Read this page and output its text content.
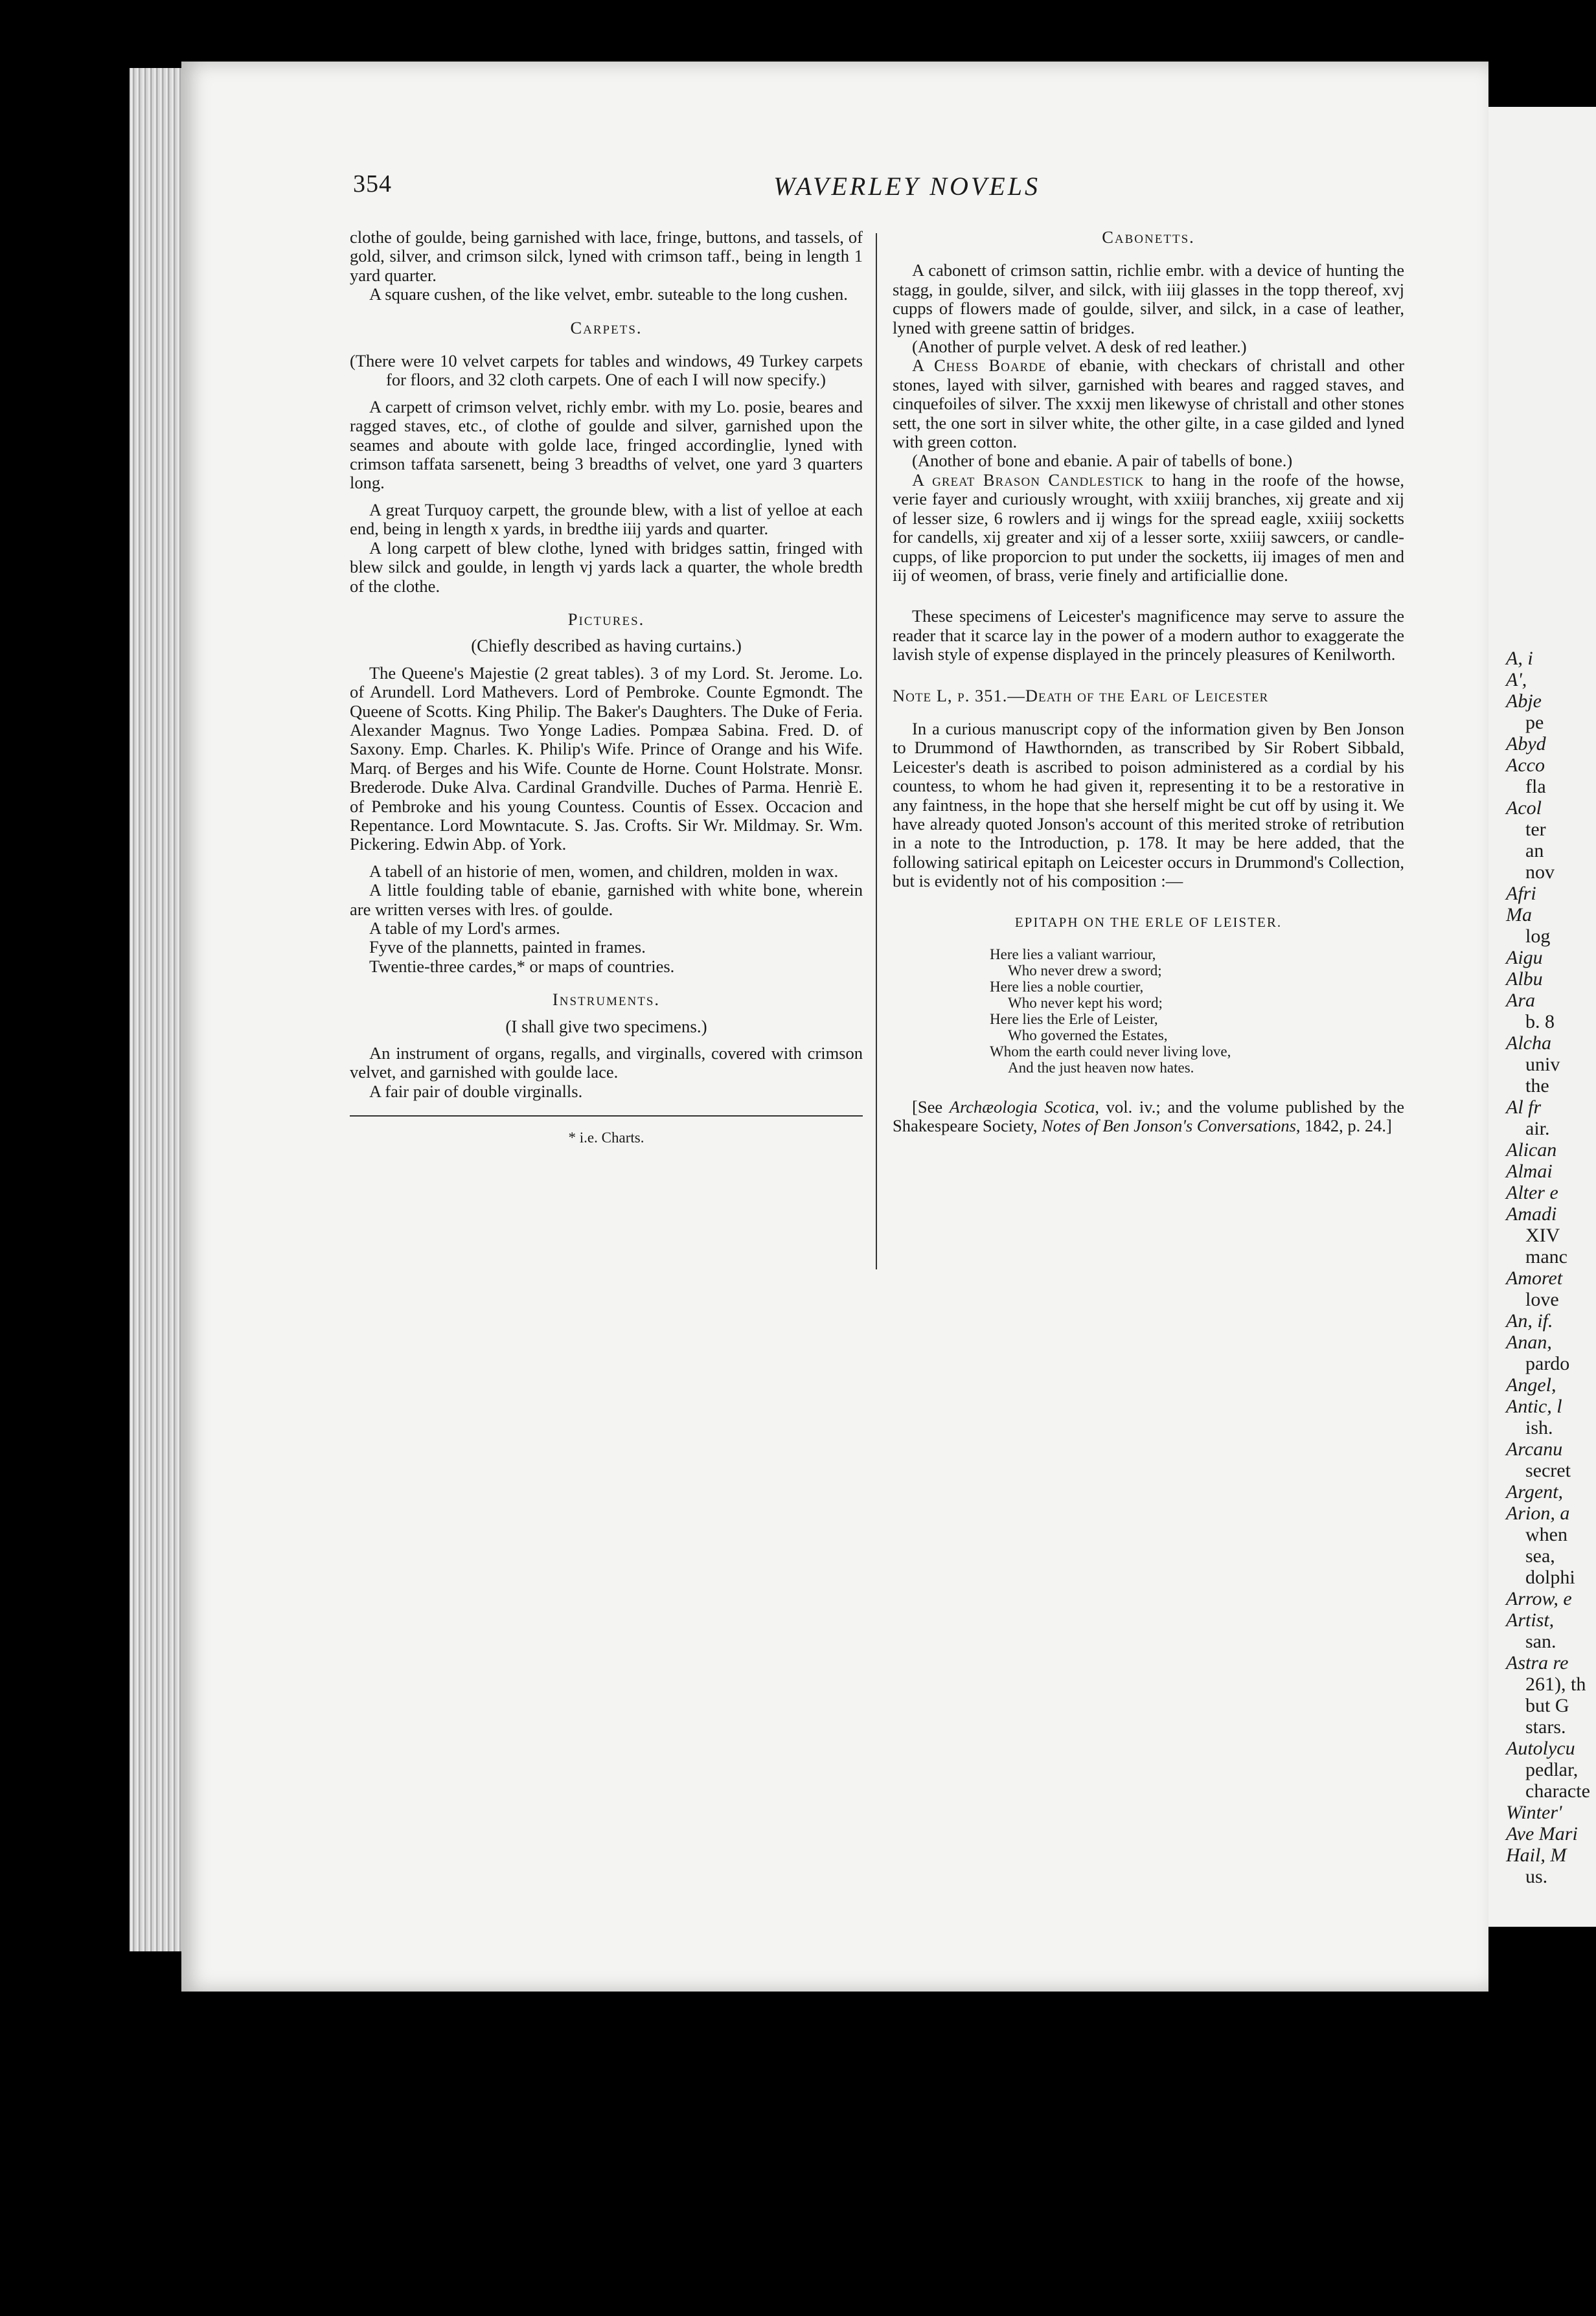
354	WAVERLEY NOVELS

clothe of goulde, being garnished with lace, fringe, buttons, and tassels, of gold, silver, and crimson silck, lyned with crimson taff., being in length 1 yard quarter.

A square cushen, of the like velvet, embr. suteable to the long cushen.

Carpets.

(There were 10 velvet carpets for tables and windows, 49 Turkey carpets for floors, and 32 cloth carpets. One of each I will now specify.)

A carpett of crimson velvet, richly embr. with my Lo. posie, beares and ragged staves, etc., of clothe of goulde and silver, garnished upon the seames and aboute with golde lace, fringed accordinglie, lyned with crimson taffata sarsenett, being 3 breadths of velvet, one yard 3 quarters long.

A great Turquoy carpett, the grounde blew, with a list of yelloe at each end, being in length x yards, in bredthe iiij yards and quarter.

A long carpett of blew clothe, lyned with bridges sattin, fringed with blew silck and goulde, in length vj yards lack a quarter, the whole bredth of the clothe.

Pictures.

(Chiefly described as having curtains.)

The Queene's Majestie (2 great tables). 3 of my Lord. St. Jerome. Lo. of Arundell. Lord Mathevers. Lord of Pembroke. Counte Egmondt. The Queene of Scotts. King Philip. The Baker's Daughters. The Duke of Feria. Alexander Magnus. Two Yonge Ladies. Pompæa Sabina. Fred. D. of Saxony. Emp. Charles. K. Philip's Wife. Prince of Orange and his Wife. Marq. of Berges and his Wife. Counte de Horne. Count Holstrate. Monsr. Brederode. Duke Alva. Cardinal Grandville. Duches of Parma. Henriè E. of Pembroke and his young Countess. Countis of Essex. Occacion and Repentance. Lord Mowntacute. S. Jas. Crofts. Sir Wr. Mildmay. Sr. Wm. Pickering. Edwin Abp. of York.

A tabell of an historie of men, women, and children, molden in wax.

A little foulding table of ebanie, garnished with white bone, wherein are written verses with lres. of goulde.

A table of my Lord's armes.

Fyve of the plannetts, painted in frames.

Twentie-three cardes,* or maps of countries.

Instruments.

(I shall give two specimens.)

An instrument of organs, regalls, and virginalls, covered with crimson velvet, and garnished with goulde lace.

A fair pair of double virginalls.

* i.e. Charts.

Cabonetts.

A cabonett of crimson sattin, richlie embr. with a device of hunting the stagg, in goulde, silver, and silck, with iiij glasses in the topp thereof, xvj cupps of flowers made of goulde, silver, and silck, in a case of leather, lyned with greene sattin of bridges.

(Another of purple velvet. A desk of red leather.)

A Chess Boarde of ebanie, with checkars of christall and other stones, layed with silver, garnished with beares and ragged staves, and cinquefoiles of silver. The xxxij men likewyse of christall and other stones sett, the one sort in silver white, the other gilte, in a case gilded and lyned with green cotton.

(Another of bone and ebanie. A pair of tabells of bone.)

A great Brason Candlestick to hang in the roofe of the howse, verie fayer and curiously wrought, with xxiiij branches, xij greate and xij of lesser size, 6 rowlers and ij wings for the spread eagle, xxiiij socketts for candells, xij greater and xij of a lesser sorte, xxiiij sawcers, or candle-cupps, of like proporcion to put under the socketts, iij images of men and iij of weomen, of brass, verie finely and artificiallie done.

These specimens of Leicester's magnificence may serve to assure the reader that it scarce lay in the power of a modern author to exaggerate the lavish style of expense displayed in the princely pleasures of Kenilworth.

Note L, p. 351.—Death of the Earl of Leicester

In a curious manuscript copy of the information given by Ben Jonson to Drummond of Hawthornden, as transcribed by Sir Robert Sibbald, Leicester's death is ascribed to poison administered as a cordial by his countess, to whom he had given it, representing it to be a restorative in any faintness, in the hope that she herself might be cut off by using it. We have already quoted Jonson's account of this merited stroke of retribution in a note to the Introduction, p. 178. It may be here added, that the following satirical epitaph on Leicester occurs in Drummond's Collection, but is evidently not of his composition :—

EPITAPH ON THE ERLE OF LEISTER.

Here lies a valiant warriour,
Who never drew a sword;
Here lies a noble courtier,
Who never kept his word;
Here lies the Erle of Leister,
Who governed the Estates,
Whom the earth could never living love,
And the just heaven now hates.

[See Archæologia Scotica, vol. iv.; and the volume published by the Shakespeare Society, Notes of Ben Jonson's Conversations, 1842, p. 24.]

A, i
A',
Abje
pe
Abyd
Acco
fla
Acol
ter
an
nov
Afri
Ma
log
Aigu
Albu
Ara
b. 8
Alcha
univ
the
Al fr
air.
Alican
Almai
Alter e
Amadi
XIV
manc
Amoret
love
An, if.
Anan,
pardo
Angel,
Antic, l
ish.
Arcanu
secret
Argent,
Arion, a
when
sea,
dolphi
Arrow, e
Artist,
san.
Astra re
261), th
but G
stars.
Autolycu
pedlar,
characte
Winter'
Ave Mari
Hail, M
us.
